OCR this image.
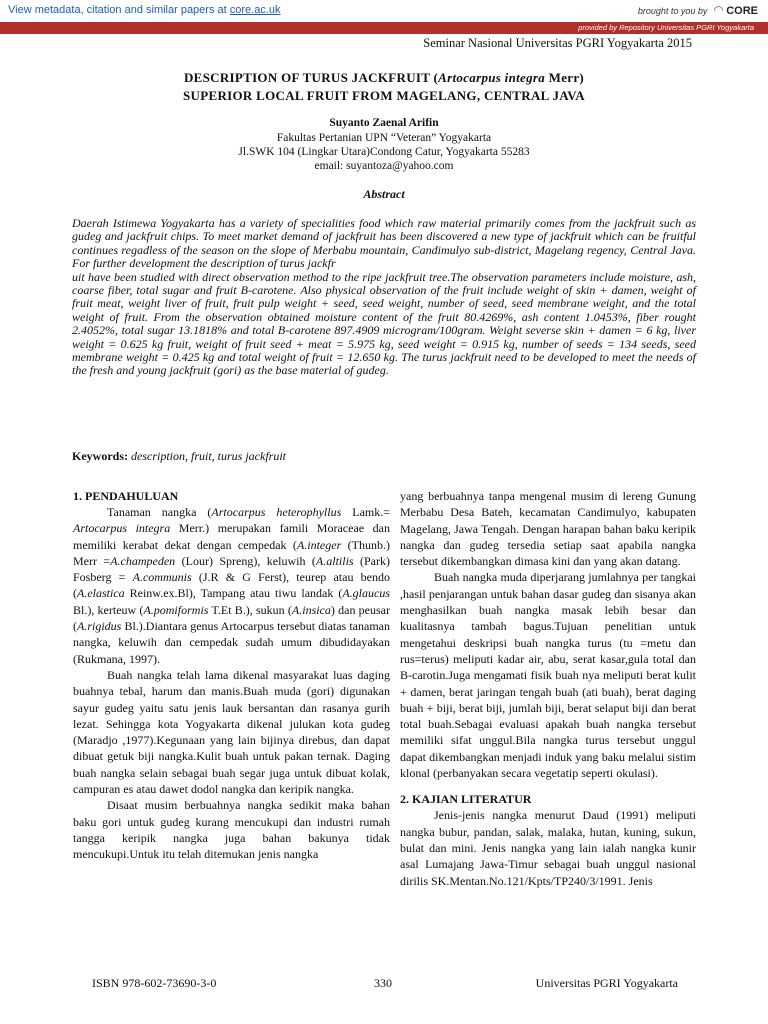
View metadata, citation and similar papers at core.ac.uk	brought to you by ◠ CORE
provided by Repository Universitas PGRI Yogyakarta
Seminar Nasional Universitas PGRI Yogyakarta 2015
DESCRIPTION OF TURUS JACKFRUIT (Artocarpus integra Merr)
SUPERIOR LOCAL FRUIT FROM MAGELANG, CENTRAL JAVA
Suyanto Zaenal Arifin
Fakultas Pertanian UPN “Veteran” Yogyakarta
Jl.SWK 104 (Lingkar Utara)Condong Catur, Yogyakarta 55283
email: suyantoza@yahoo.com
Abstract

Daerah Istimewa Yogyakarta has a variety of specialities food which raw material primarily comes from the jackfruit such as gudeg and jackfruit chips. To meet market demand of jackfruit has been discovered a new type of jackfruit which can be fruitful continues regadless of the season on the slope of Merbabu mountain, Candimulyo sub-district, Magelang regency, Central Java. For further development the description of turus jackfr

uit have been studied with direct observation method to the ripe jackfruit tree.The observation parameters include moisture, ash, coarse fiber, total sugar and fruit B-carotene. Also physical observation of the fruit include weight of skin + damen, weight of fruit meat, weight liver of fruit, fruit pulp weight + seed, seed weight, number of seed, seed membrane weight, and the total weight of fruit. From the observation obtained moisture content of the fruit 80.4269%, ash content 1.0453%, fiber rought 2.4052%, total sugar 13.1818% and total B-carotene 897.4909 microgram/100gram. Weight severse skin + damen = 6 kg, liver weight = 0.625 kg fruit, weight of fruit seed + meat = 5.975 kg, seed weight = 0.915 kg, number of seeds = 134 seeds, seed membrane weight = 0.425 kg and total weight of fruit = 12.650 kg. The turus jackfruit need to be developed to meet the needs of the fresh and young jackfruit (gori) as the base material of gudeg.

Keywords: description, fruit, turus jackfruit
1. PENDAHULUAN

Tanaman nangka (Artocarpus heterophyllus Lamk.= Artocarpus integra Merr.) merupakan famili Moraceae dan memiliki kerabat dekat dengan cempedak (A.integer (Thunb.) Merr =A.champeden (Lour) Spreng), keluwih (A.altilis (Park) Fosberg = A.communis (J.R & G Ferst), teurep atau bendo (A.elastica Reinw.ex.Bl), Tampang atau tiwu landak (A.glaucus Bl.), kerteuw (A.pomiformis T.Et B.), sukun (A.insica) dan peusar (A.rigidus Bl.).Diantara genus Artocarpus tersebut diatas tanaman nangka, keluwih dan cempedak sudah umum dibudidayakan (Rukmana, 1997).

Buah nangka telah lama dikenal masyarakat luas daging buahnya tebal, harum dan manis.Buah muda (gori) digunakan sayur gudeg yaitu satu jenis lauk bersantan dan rasanya gurih lezat. Sehingga kota Yogyakarta dikenal julukan kota gudeg (Maradjo ,1977).Kegunaan yang lain bijinya direbus, dan dapat dibuat getuk biji nangka.Kulit buah untuk pakan ternak. Daging buah nangka selain sebagai buah segar juga untuk dibuat kolak, campuran es atau dawet dodol nangka dan keripik nangka.

Disaat musim berbuahnya nangka sedikit maka bahan baku gori untuk gudeg kurang mencukupi dan industri rumah tangga keripik nangka juga bahan bakunya tidak mencukupi.Untuk itu telah ditemukan jenis nangka

yang berbuahnya tanpa mengenal musim di lereng Gunung Merbabu Desa Bateh, kecamatan Candimulyo, kabupaten Magelang, Jawa Tengah. Dengan harapan bahan baku keripik nangka dan gudeg tersedia setiap saat apabila nangka tersebut dikembangkan dimasa kini dan yang akan datang.

Buah nangka muda diperjarang jumlahnya per tangkai ,hasil penjarangan untuk bahan dasar gudeg dan sisanya akan menghasilkan buah nangka masak lebih besar dan kualitasnya tambah bagus.Tujuan penelitian untuk mengetahui deskripsi buah nangka turus (tu =metu dan rus=terus) meliputi kadar air, abu, serat kasar,gula total dan B-carotin.Juga mengamati fisik buah nya meliputi berat kulit + damen, berat jaringan tengah buah (ati buah), berat daging buah + biji, berat biji, jumlah biji, berat selaput biji dan berat total buah.Sebagai evaluasi apakah buah nangka tersebut memiliki sifat unggul.Bila nangka turus tersebut unggul dapat dikembangkan menjadi induk yang baku melalui sistim klonal (perbanyakan secara vegetatip seperti okulasi).

2. KAJIAN LITERATUR

Jenis-jenis nangka menurut Daud (1991) meliputi nangka bubur, pandan, salak, malaka, hutan, kuning, sukun, bulat dan mini. Jenis nangka yang lain ialah nangka kunir asal Lumajang Jawa-Timur sebagai buah unggul nasional dirilis SK.Mentan.No.121/Kpts/TP240/3/1991. Jenis

ISBN 978-602-73690-3-0	330	Universitas PGRI Yogyakarta
